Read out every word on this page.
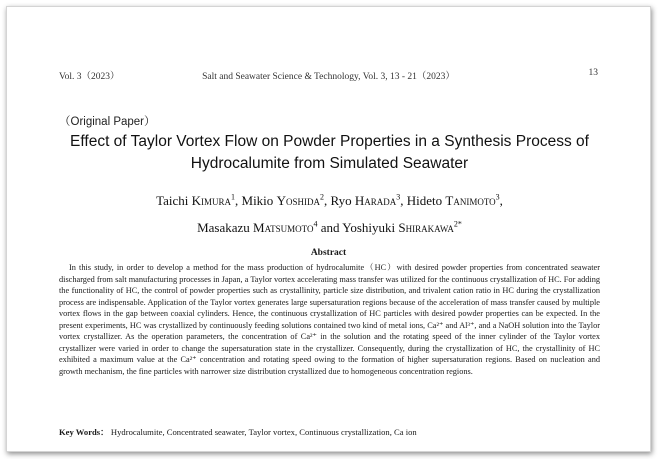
Vol. 3（2023）	Salt and Seawater Science & Technology, Vol. 3, 13 - 21（2023）	13
（Original Paper）
Effect of Taylor Vortex Flow on Powder Properties in a Synthesis Process of
Hydrocalumite from Simulated Seawater
Taichi Kimura$^1$, Mikio Yoshida$^2$, Ryo Harada$^3$, Hideto Tanimoto$^3$,
Masakazu Matsumoto$^4$ and Yoshiyuki Shirakawa$^{2*}$
Abstract

In this study, in order to develop a method for the mass production of hydrocalumite（HC）with desired powder properties from concentrated seawater discharged from salt manufacturing processes in Japan, a Taylor vortex accelerating mass transfer was utilized for the continuous crystallization of HC. For adding the functionality of HC, the control of powder properties such as crystallinity, particle size distribution, and trivalent cation ratio in HC during the crystallization process are indispensable. Application of the Taylor vortex generates large supersaturation regions because of the acceleration of mass transfer caused by multiple vortex flows in the gap between coaxial cylinders. Hence, the continuous crystallization of HC particles with desired powder properties can be expected. In the present experiments, HC was crystallized by continuously feeding solutions contained two kind of metal ions, Ca²⁺ and Al³⁺, and a NaOH solution into the Taylor vortex crystallizer. As the operation parameters, the concentration of Ca²⁺ in the solution and the rotating speed of the inner cylinder of the Taylor vortex crystallizer were varied in order to change the supersaturation state in the crystallizer. Consequently, during the crystallization of HC, the crystallinity of HC exhibited a maximum value at the Ca²⁺ concentration and rotating speed owing to the formation of higher supersaturation regions. Based on nucleation and growth mechanism, the fine particles with narrower size distribution crystallized due to homogeneous concentration regions.

Key Words： Hydrocalumite, Concentrated seawater, Taylor vortex, Continuous crystallization, Ca ion
